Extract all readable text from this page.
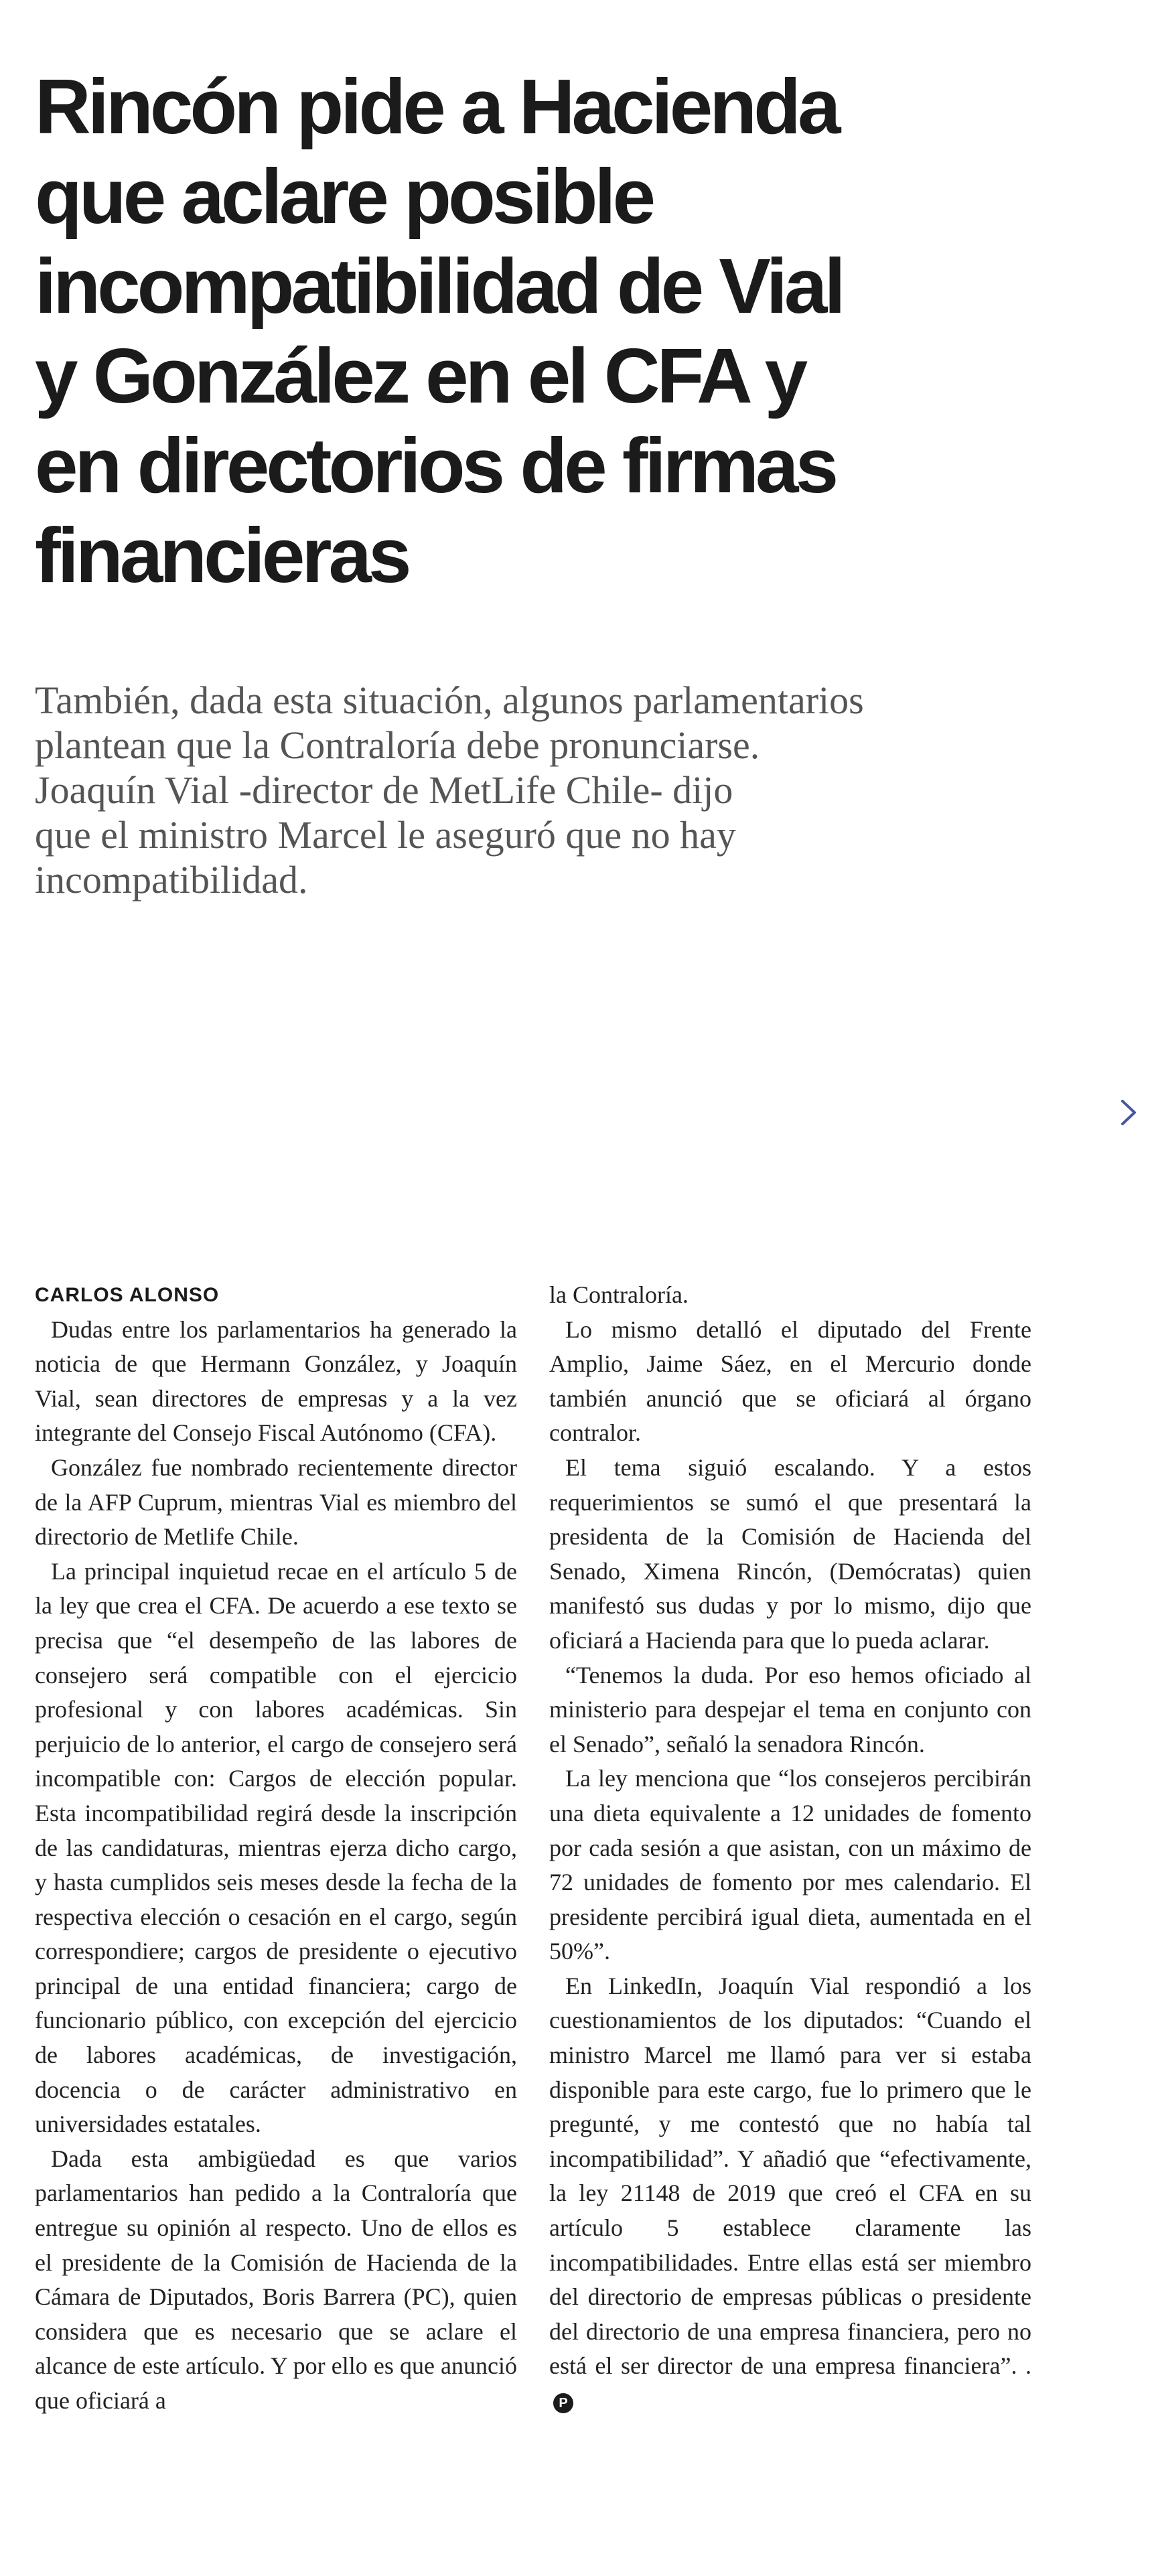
Rincón pide a Hacienda
que aclare posible
incompatibilidad de Vial
y González en el CFA y
en directorios de firmas
financieras
También, dada esta situación, algunos parlamentarios
plantean que la Contraloría debe pronunciarse.
Joaquín Vial -director de MetLife Chile- dijo
que el ministro Marcel le aseguró que no hay
incompatibilidad.
CARLOS ALONSO

Dudas entre los parlamentarios ha generado la noticia de que Hermann González, y Joaquín Vial, sean directores de empresas y a la vez integrante del Consejo Fiscal Autónomo (CFA).

González fue nombrado recientemente director de la AFP Cuprum, mientras Vial es miembro del directorio de Metlife Chile.

La principal inquietud recae en el artículo 5 de la ley que crea el CFA. De acuerdo a ese texto se precisa que “el desempeño de las labores de consejero será compatible con el ejercicio profesional y con labores académicas. Sin perjuicio de lo anterior, el cargo de consejero será incompatible con: Cargos de elección popular. Esta incompatibilidad regirá desde la inscripción de las candidaturas, mientras ejerza dicho cargo, y hasta cumplidos seis meses desde la fecha de la respectiva elección o cesación en el cargo, según correspondiere; cargos de presidente o ejecutivo principal de una entidad financiera; cargo de funcionario público, con excepción del ejercicio de labores académicas, de investigación, docencia o de carácter administrativo en universidades estatales.

Dada esta ambigüedad es que varios parlamentarios han pedido a la Contraloría que entregue su opinión al respecto. Uno de ellos es el presidente de la Comisión de Hacienda de la Cámara de Diputados, Boris Barrera (PC), quien considera que es necesario que se aclare el alcance de este artículo. Y por ello es que anunció que oficiará a

la Contraloría.

Lo mismo detalló el diputado del Frente Amplio, Jaime Sáez, en el Mercurio donde también anunció que se oficiará al órgano contralor.

El tema siguió escalando. Y a estos requerimientos se sumó el que presentará la presidenta de la Comisión de Hacienda del Senado, Ximena Rincón, (Demócratas) quien manifestó sus dudas y por lo mismo, dijo que oficiará a Hacienda para que lo pueda aclarar.

“Tenemos la duda. Por eso hemos oficiado al ministerio para despejar el tema en conjunto con el Senado”, señaló la senadora Rincón.

La ley menciona que “los consejeros percibirán una dieta equivalente a 12 unidades de fomento por cada sesión a que asistan, con un máximo de 72 unidades de fomento por mes calendario. El presidente percibirá igual dieta, aumentada en el 50%”.

En LinkedIn, Joaquín Vial respondió a los cuestionamientos de los diputados: “Cuando el ministro Marcel me llamó para ver si estaba disponible para este cargo, fue lo primero que le pregunté, y me contestó que no había tal incompatibilidad”. Y añadió que “efectivamente, la ley 21148 de 2019 que creó el CFA en su artículo 5 establece claramente las incompatibilidades. Entre ellas está ser miembro del directorio de empresas públicas o presidente del directorio de una empresa financiera, pero no está el ser director de una empresa financiera”. .P
